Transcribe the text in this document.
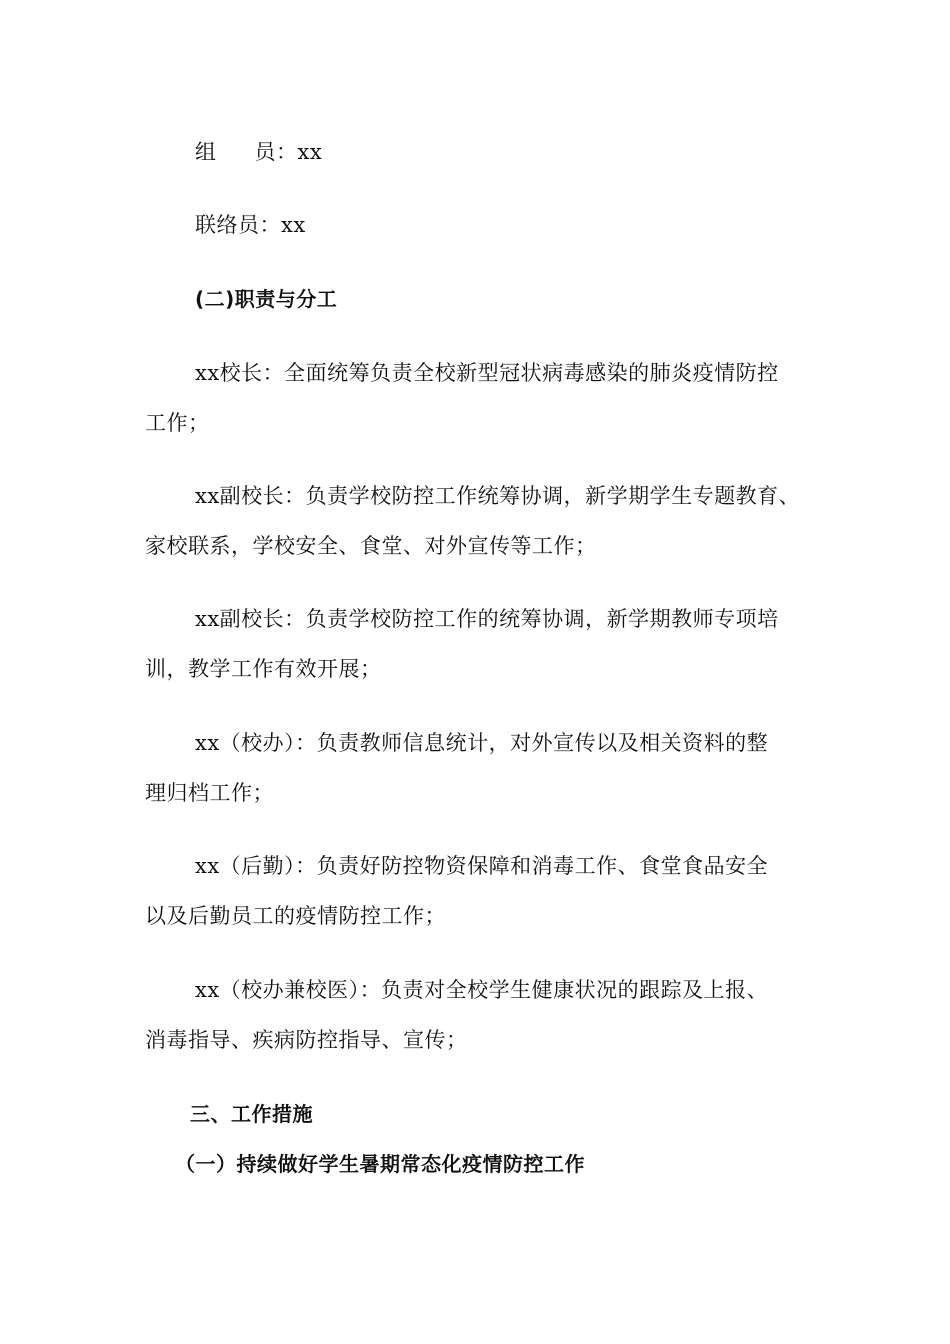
组 员：xx
联络员：xx
(二)职责与分工
xx校长：全面统筹负责全校新型冠状病毒感染的肺炎疫情防控
工作；
xx副校长：负责学校防控工作统筹协调，新学期学生专题教育、
家校联系，学校安全、食堂、对外宣传等工作；
xx副校长：负责学校防控工作的统筹协调，新学期教师专项培
训，教学工作有效开展；
xx（校办）：负责教师信息统计，对外宣传以及相关资料的整
理归档工作；
xx（后勤）：负责好防控物资保障和消毒工作、食堂食品安全
以及后勤员工的疫情防控工作；
xx（校办兼校医）：负责对全校学生健康状况的跟踪及上报、
消毒指导、疾病防控指导、宣传；
三、工作措施
（一）持续做好学生暑期常态化疫情防控工作
